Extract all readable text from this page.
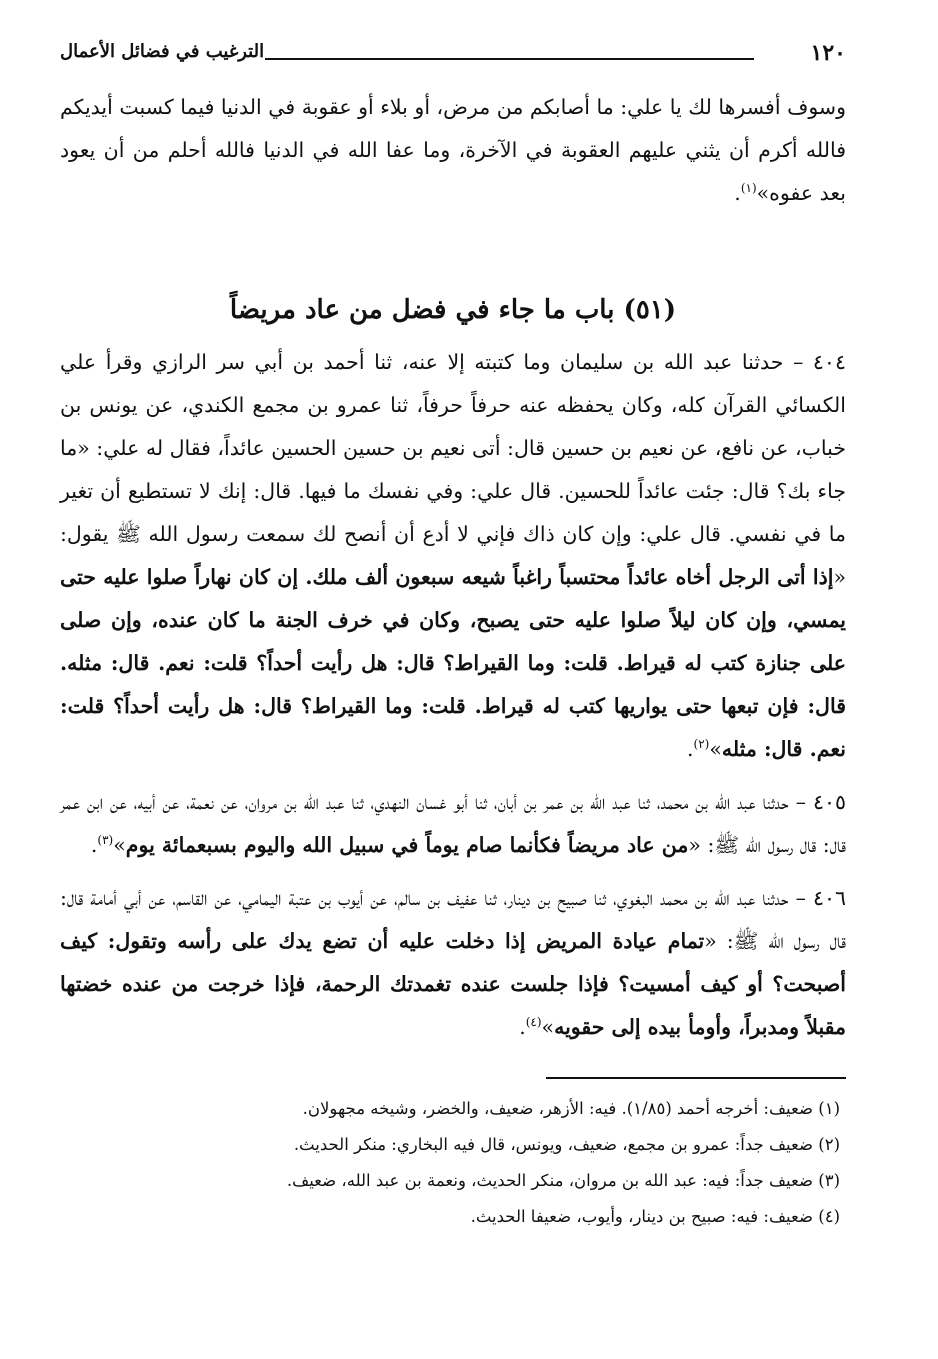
١٢٠
الترغيب في فضائل الأعمال

وسوف أفسرها لك يا علي: ما أصابكم من مرض، أو بلاء أو عقوبة في الدنيا فيما كسبت أيديكم فالله أكرم أن يثني عليهم العقوبة في الآخرة، وما عفا الله في الدنيا فالله أحلم من أن يعود بعد عفوه»$^{(١)}$.

(٥١) باب ما جاء في فضل من عاد مريضاً

٤٠٤ – حدثنا عبد الله بن سليمان وما كتبته إلا عنه، ثنا أحمد بن أبي سر الرازي وقرأ علي الكسائي القرآن كله، وكان يحفظه عنه حرفاً حرفاً، ثنا عمرو بن مجمع الكندي، عن يونس بن خباب، عن نافع، عن نعيم بن حسين قال: أتى نعيم بن حسين الحسين عائداً، فقال له علي: «ما جاء بك؟ قال: جئت عائداً للحسين. قال علي: وفي نفسك ما فيها. قال: إنك لا تستطيع أن تغير ما في نفسي. قال علي: وإن كان ذاك فإني لا أدع أن أنصح لك سمعت رسول الله ﷺ يقول: «إذا أتى الرجل أخاه عائداً محتسباً راغباً شيعه سبعون ألف ملك. إن كان نهاراً صلوا عليه حتى يمسي، وإن كان ليلاً صلوا عليه حتى يصبح، وكان في خرف الجنة ما كان عنده، وإن صلى على جنازة كتب له قيراط. قلت: وما القيراط؟ قال: هل رأيت أحداً؟ قلت: نعم. قال: مثله. قال: فإن تبعها حتى يواريها كتب له قيراط. قلت: وما القيراط؟ قال: هل رأيت أحداً؟ قلت: نعم. قال: مثله»$^{(٢)}$.

٤٠٥ – حدثنا عبد الله بن محمد، ثنا عبد الله بن عمر بن أبان، ثنا أبو غسان النهدي، ثنا عبد الله بن مروان، عن نعمة، عن أبيه، عن ابن عمر قال: قال رسول الله ﷺ: «من عاد مريضاً فكأنما صام يوماً في سبيل الله واليوم بسبعمائة يوم»$^{(٣)}$.

٤٠٦ – حدثنا عبد الله بن محمد البغوي، ثنا صبيح بن دينار، ثنا عفيف بن سالم، عن أيوب بن عتبة اليمامي، عن القاسم، عن أبي أمامة قال: قال رسول الله ﷺ: «تمام عيادة المريض إذا دخلت عليه أن تضع يدك على رأسه وتقول: كيف أصبحت؟ أو كيف أمسيت؟ فإذا جلست عنده تغمدتك الرحمة، فإذا خرجت من عنده خضتها مقبلاً ومدبراً، وأومأ بيده إلى حقويه»$^{(٤)}$.

(١) ضعيف: أخرجه أحمد (١/٨٥). فيه: الأزهر، ضعيف، والخضر، وشيخه مجهولان.
(٢) ضعيف جداً: عمرو بن مجمع، ضعيف، ويونس، قال فيه البخاري: منكر الحديث.
(٣) ضعيف جداً: فيه: عبد الله بن مروان، منكر الحديث، ونعمة بن عبد الله، ضعيف.
(٤) ضعيف: فيه: صبيح بن دينار، وأيوب، ضعيفا الحديث.
